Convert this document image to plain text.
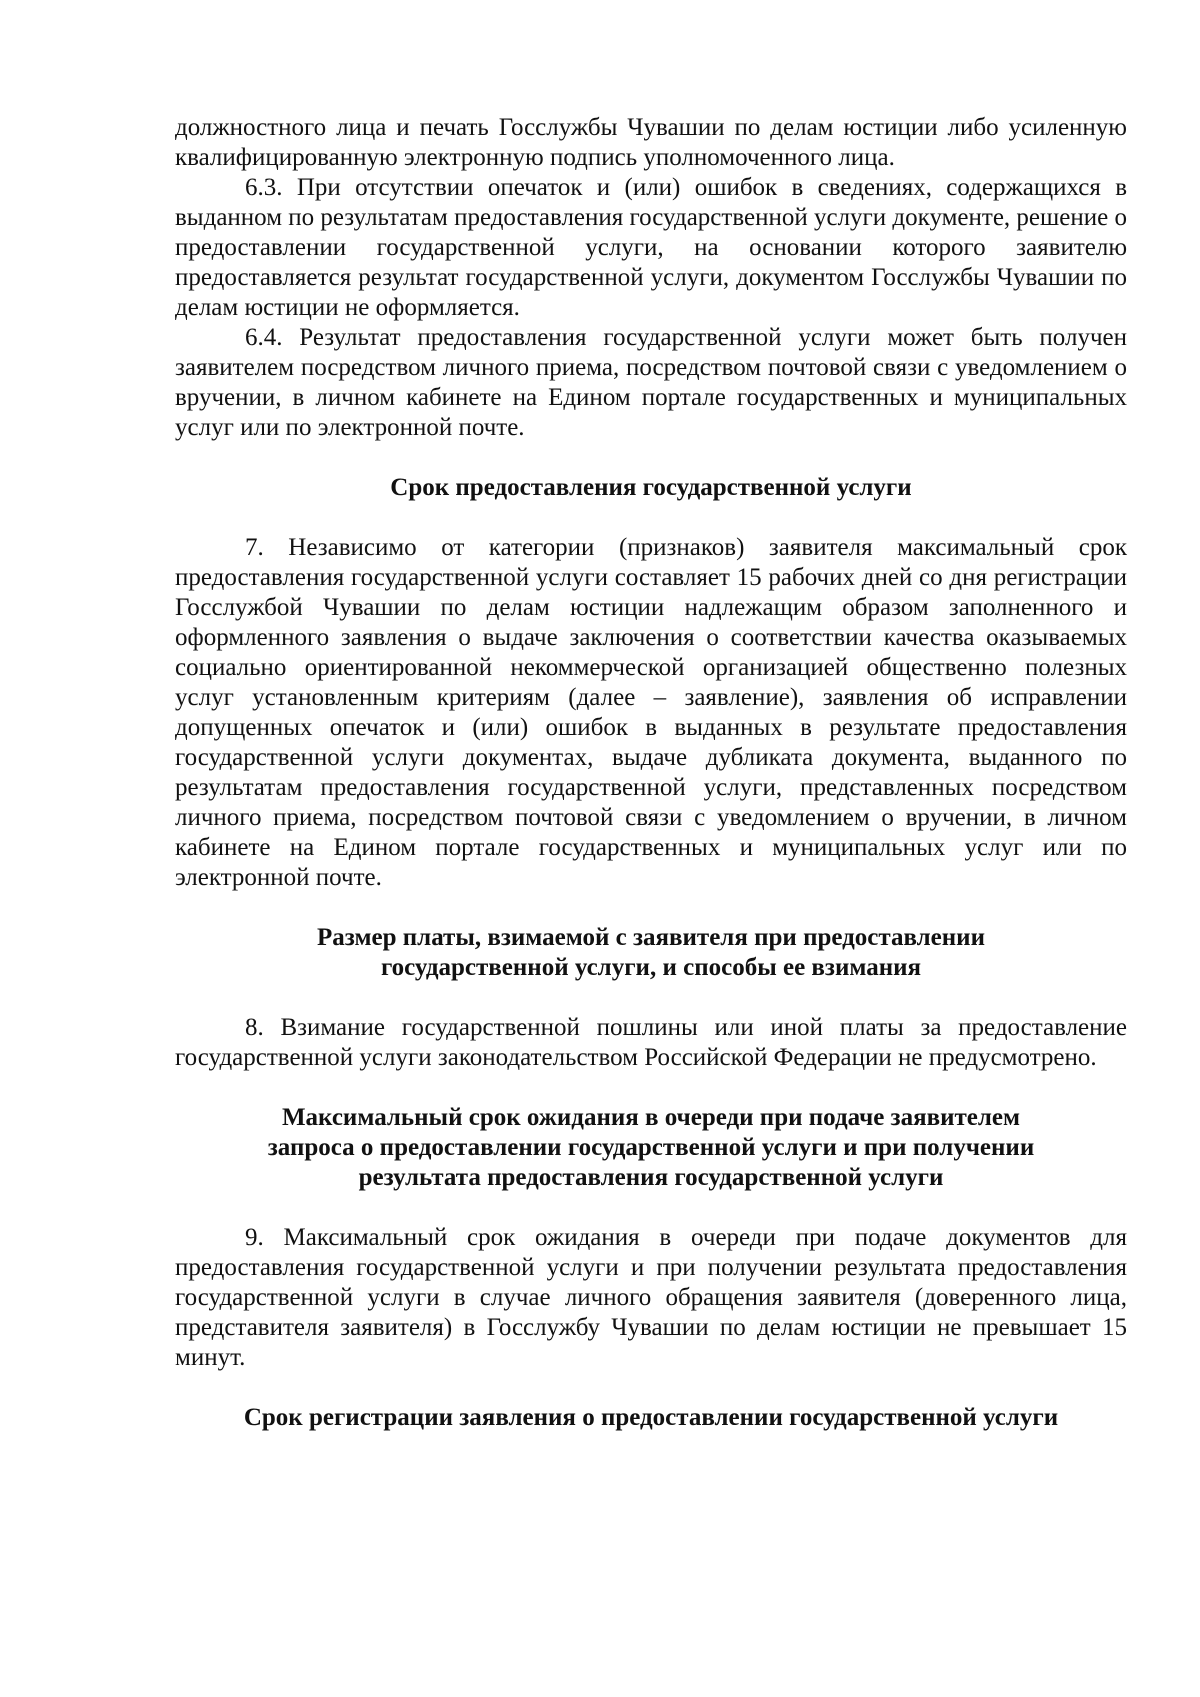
должностного лица и печать Госслужбы Чувашии по делам юстиции либо усиленную квалифицированную электронную подпись уполномоченного лица.

6.3. При отсутствии опечаток и (или) ошибок в сведениях, содержащихся в выданном по результатам предоставления государственной услуги документе, решение о предоставлении государственной услуги, на основании которого заявителю предоставляется результат государственной услуги, документом Госслужбы Чувашии по делам юстиции не оформляется.

6.4. Результат предоставления государственной услуги может быть получен заявителем посредством личного приема, посредством почтовой связи с уведомлением о вручении, в личном кабинете на Едином портале государственных и муниципальных услуг или по электронной почте.

Срок предоставления государственной услуги

7. Независимо от категории (признаков) заявителя максимальный срок предоставления государственной услуги составляет 15 рабочих дней со дня регистрации Госслужбой Чувашии по делам юстиции надлежащим образом заполненного и оформленного заявления о выдаче заключения о соответствии качества оказываемых социально ориентированной некоммерческой организацией общественно полезных услуг установленным критериям (далее – заявление), заявления об исправлении допущенных опечаток и (или) ошибок в выданных в результате предоставления государственной услуги документах, выдаче дубликата документа, выданного по результатам предоставления государственной услуги, представленных посредством личного приема, посредством почтовой связи с уведомлением о вручении, в личном кабинете на Едином портале государственных и муниципальных услуг или по электронной почте.

Размер платы, взимаемой с заявителя при предоставлении
государственной услуги, и способы ее взимания

8. Взимание государственной пошлины или иной платы за предоставление государственной услуги законодательством Российской Федерации не предусмотрено.

Максимальный срок ожидания в очереди при подаче заявителем
запроса о предоставлении государственной услуги и при получении
результата предоставления государственной услуги

9. Максимальный срок ожидания в очереди при подаче документов для предоставления государственной услуги и при получении результата предоставления государственной услуги в случае личного обращения заявителя (доверенного лица, представителя заявителя) в Госслужбу Чувашии по делам юстиции не превышает 15 минут.

Срок регистрации заявления о предоставлении государственной услуги
